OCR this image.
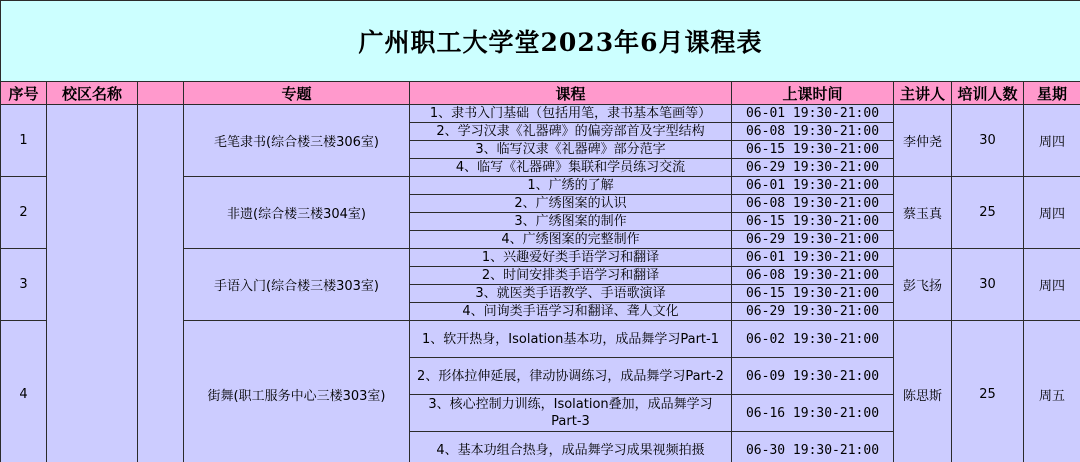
广州职工大学堂2023年6月课程表								
序号	校区名称		专题	课程	上课时间	主讲人	培训人数	星期
1			毛笔隶书(综合楼三楼306室)	1、隶书入门基础（包括用笔，隶书基本笔画等）	06-01 19:30-21:00	李仲尧	30	周四
				2、学习汉隶《礼器碑》的偏旁部首及字型结构	06-08 19:30-21:00			
				3、临写汉隶《礼器碑》部分范字	06-15 19:30-21:00			
				4、临写《礼器碑》集联和学员练习交流	06-29 19:30-21:00			
2			非遗(综合楼三楼304室)	1、广绣的了解	06-01 19:30-21:00	蔡玉真	25	周四
				2、广绣图案的认识	06-08 19:30-21:00			
				3、广绣图案的制作	06-15 19:30-21:00			
				4、广绣图案的完整制作	06-29 19:30-21:00			
3			手语入门(综合楼三楼303室)	1、兴趣爱好类手语学习和翻译	06-01 19:30-21:00	彭飞扬	30	周四
				2、时间安排类手语学习和翻译	06-08 19:30-21:00			
				3、就医类手语教学、手语歌演译	06-15 19:30-21:00			
				4、问询类手语学习和翻译、聋人文化	06-29 19:30-21:00			
4			街舞(职工服务中心三楼303室)	1、软开热身，Isolation基本功，成品舞学习Part-1	06-02 19:30-21:00	陈思斯	25	周五
				2、形体拉伸延展，律动协调练习，成品舞学习Part-2	06-09 19:30-21:00			
				3、核心控制力训练，Isolation叠加，成品舞学习Part-3	06-16 19:30-21:00			
				4、基本功组合热身，成品舞学习成果视频拍摄	06-30 19:30-21:00			
